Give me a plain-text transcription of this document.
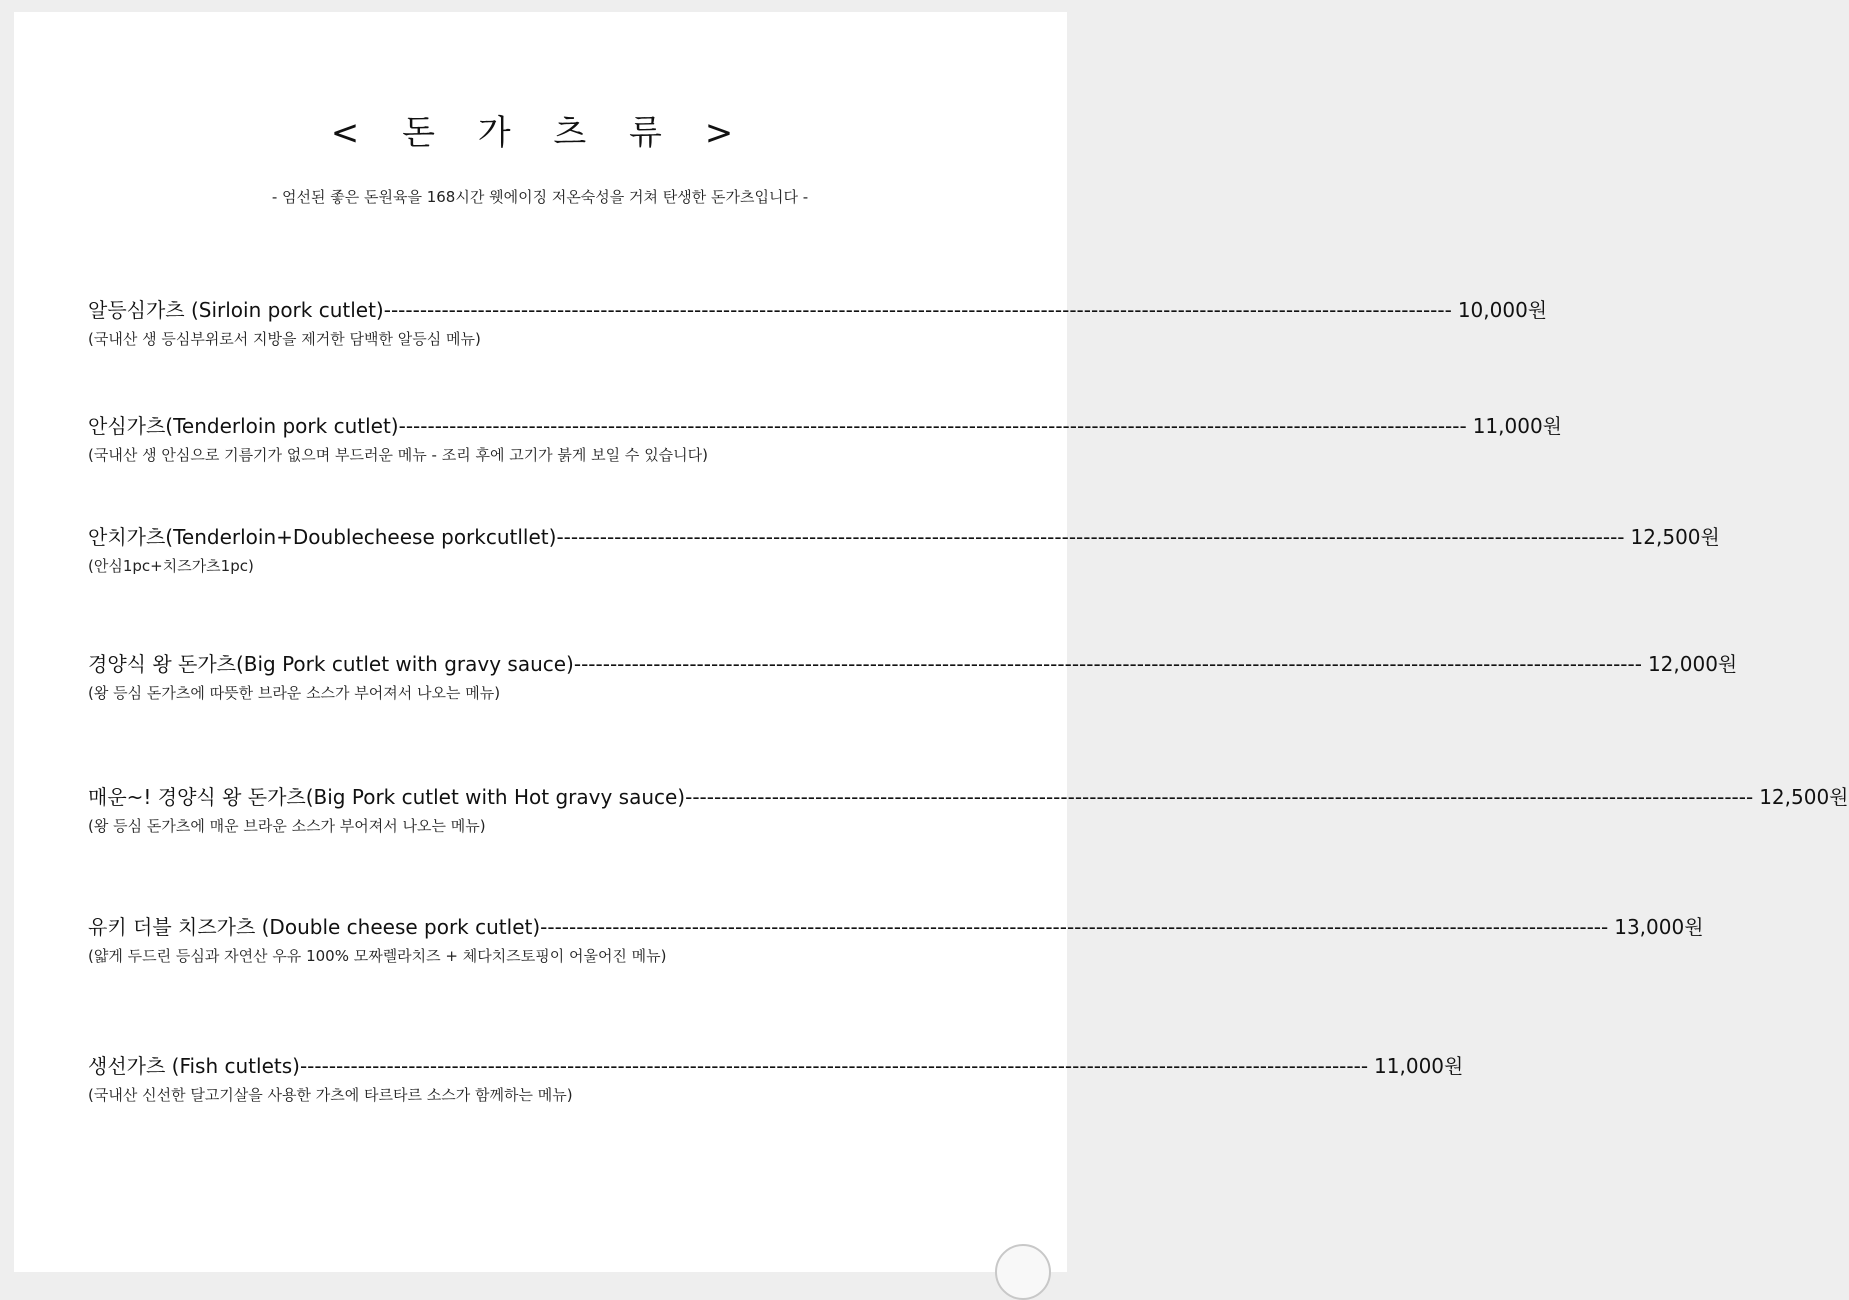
< 돈 가 츠 류 >

- 엄선된 좋은 돈원육을 168시간 웻에이징 저온숙성을 거쳐 탄생한 돈가츠입니다 -

알등심가츠 (Sirloin pork cutlet) ---------------------------------------------------------------------------------------------------------------------------------------------------- 10,000원
(국내산 생 등심부위로서 지방을 제거한 담백한 알등심 메뉴)
안심가츠(Tenderloin pork cutlet) ---------------------------------------------------------------------------------------------------------------------------------------------------- 11,000원
(국내산 생 안심으로 기름기가 없으며 부드러운 메뉴 - 조리 후에 고기가 붉게 보일 수 있습니다)
안치가츠(Tenderloin+Doublecheese porkcutllet) ---------------------------------------------------------------------------------------------------------------------------------------------------- 12,500원
(안심1pc+치즈가츠1pc)
경양식 왕 돈가츠(Big Pork cutlet with gravy sauce) ---------------------------------------------------------------------------------------------------------------------------------------------------- 12,000원
(왕 등심 돈가츠에 따뜻한 브라운 소스가 부어져서 나오는 메뉴)
매운~! 경양식 왕 돈가츠(Big Pork cutlet with Hot gravy sauce) ---------------------------------------------------------------------------------------------------------------------------------------------------- 12,500원
(왕 등심 돈가츠에 매운 브라운 소스가 부어져서 나오는 메뉴)
유키 더블 치즈가츠 (Double cheese pork cutlet) ---------------------------------------------------------------------------------------------------------------------------------------------------- 13,000원
(얇게 두드린 등심과 자연산 우유 100% 모짜렐라치즈 + 체다치즈토핑이 어울어진 메뉴)
생선가츠 (Fish cutlets) ---------------------------------------------------------------------------------------------------------------------------------------------------- 11,000원
(국내산 신선한 달고기살을 사용한 가츠에 타르타르 소스가 함께하는 메뉴)
